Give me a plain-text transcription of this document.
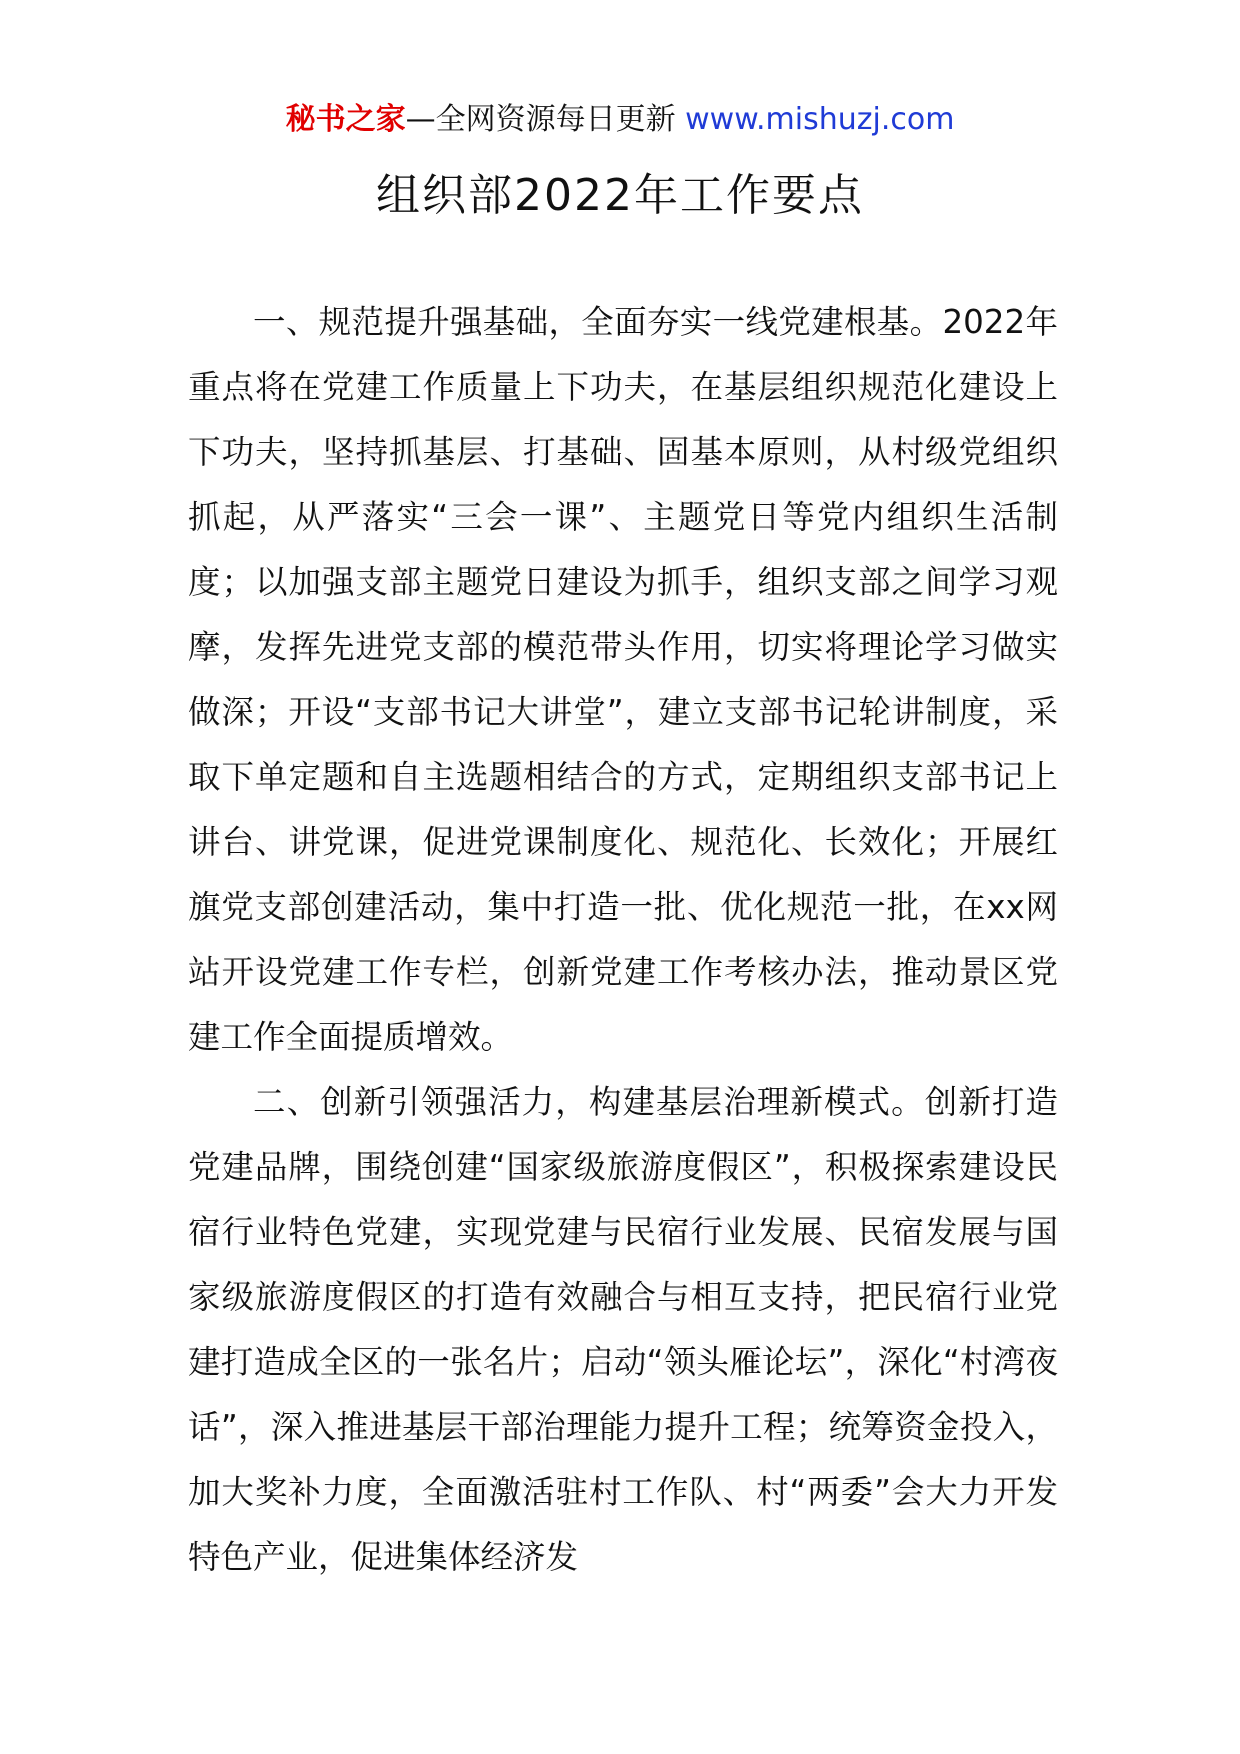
秘书之家—全网资源每日更新 www.mishuzj.com
组织部2022年工作要点

一、规范提升强基础，全面夯实一线党建根基。2022年重点将在党建工作质量上下功夫，在基层组织规范化建设上下功夫，坚持抓基层、打基础、固基本原则，从村级党组织抓起，从严落实“三会一课”、主题党日等党内组织生活制度；以加强支部主题党日建设为抓手，组织支部之间学习观摩，发挥先进党支部的模范带头作用，切实将理论学习做实做深；开设“支部书记大讲堂”，建立支部书记轮讲制度，采取下单定题和自主选题相结合的方式，定期组织支部书记上讲台、讲党课，促进党课制度化、规范化、长效化；开展红旗党支部创建活动，集中打造一批、优化规范一批，在xx网站开设党建工作专栏，创新党建工作考核办法，推动景区党建工作全面提质增效。

二、创新引领强活力，构建基层治理新模式。创新打造党建品牌，围绕创建“国家级旅游度假区”，积极探索建设民宿行业特色党建，实现党建与民宿行业发展、民宿发展与国家级旅游度假区的打造有效融合与相互支持，把民宿行业党建打造成全区的一张名片；启动“领头雁论坛”，深化“村湾夜话”，深入推进基层干部治理能力提升工程；统筹资金投入，加大奖补力度，全面激活驻村工作队、村“两委”会大力开发特色产业，促进集体经济发
